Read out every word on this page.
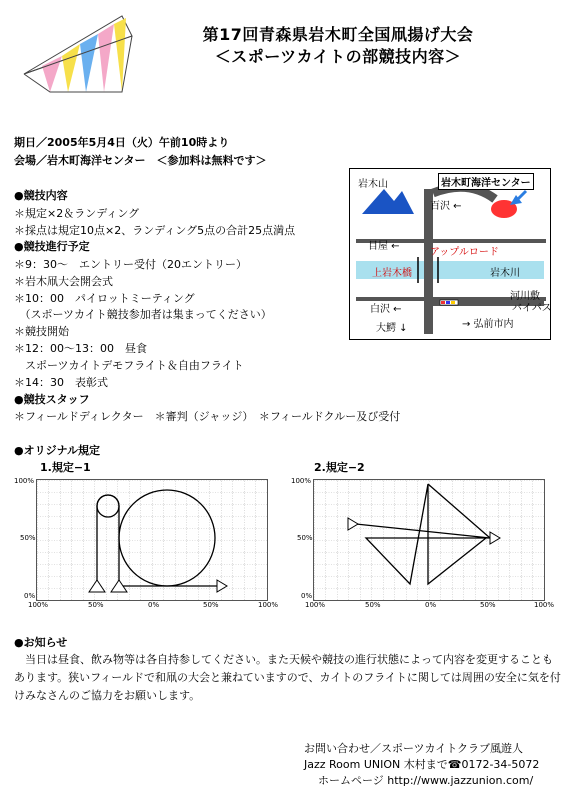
第17回青森県岩木町全国凧揚げ大会
＜スポーツカイトの部競技内容＞
期日／2005年5月4日（火）午前10時より
会場／岩木町海洋センター　＜参加料は無料です＞
●競技内容
＊規定×2＆ランディング
＊採点は規定10点×2、ランディング5点の合計25点満点
●競技進行予定
＊9：30～　エントリー受付（20エントリー）
＊岩木凧大会開会式
＊10：00　パイロットミーティング
　（スポーツカイト競技参加者は集まってください）
＊競技開始
＊12：00～13：00　昼食
　スポーツカイトデモフライト＆自由フライト
＊14：30　表彰式
●競技スタッフ
＊フィールドディレクター　＊審判（ジャッジ）　＊フィールドクルー及び受付
岩木山	岩木町海洋センター
百沢 ←
目屋 ←
アップルロード
上岩木橋	岩木川
河川敷
バイパス
白沢 ←
大鰐 ↓	→ 弘前市内
●オリジナル規定
1.規定−1	2.規定−2
100%
50%
0%
100%	50%	0%	50%	100%
100%
50%
0%
100%	50%	0%	50%	100%
●お知らせ
　当日は昼食、飲み物等は各自持参してください。また天候や競技の進行状態によって内容を変更することもあります。狭いフィールドで和凧の大会と兼ねていますので、カイトのフライトに関しては周囲の安全に気を付けみなさんのご協力をお願いします。
お問い合わせ／スポーツカイトクラブ風遊人
Jazz Room UNION 木村まで☎0172-34-5072
ホームページ http://www.jazzunion.com/
